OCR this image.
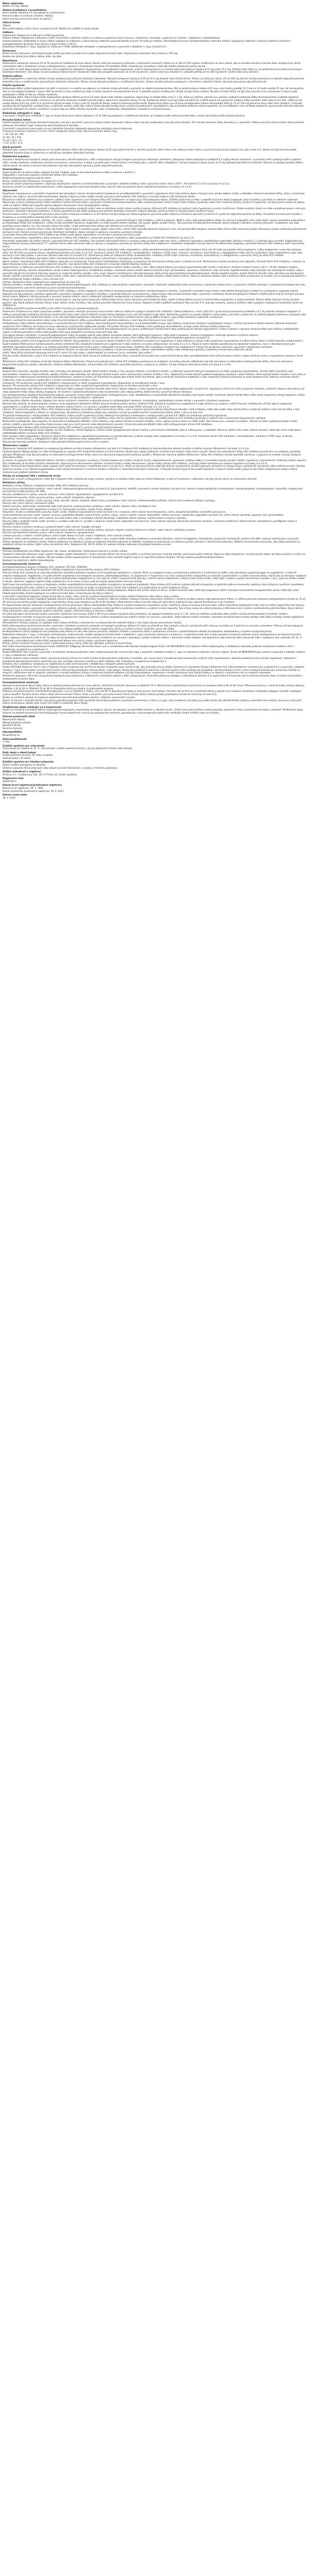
Název přípravku
Kaloten 25 mg, tablety
Složení kvalitativní a kvantitativní
Jedna tableta obsahuje 25 mg kaptoprilu (captoprilum).
Pomocná látka se známým účinkem: laktóza.
Úplný seznam pomocných látek viz bod 6.1.
Léková forma
Tableta.
Bílé kulaté tablety s půlicí rýhou na jedné straně. Tabletu lze rozdělit na stejné dávky.
Indikace
Hypertenze: Kaptopril je indikován k léčbě hypertenze.
Srdeční selhání: Kaptopril je indikován k léčbě chronického srdečního selhání se sníženou systolickou funkcí komory v kombinaci s diuretiky, a pokud je to vhodné, s digitalisem a betablokátory.
Infarkt myokardu: krátkodobá (4 týdny) léčba: kaptopril je indikován u všech klinicky stabilních pacientů během prvních 24 hodin po infarktu. Dlouhodobá prevence symptomatického srdečního selhání: kaptopril je indikován u klinicky stabilních pacientů s asymptomatickou dysfunkcí levé komory (ejekční frakce ≤ 40 %).
Diabetická nefropatie 1. typu: Kaptopril je indikován k léčbě diabetické nefropatie s makroproteinurií u pacientů s diabetem 1. typu (viz bod 5.1).
Dávkování
Dávka má být stanovena individuálně podle profilu pacienta (viz bod 4.4) a podle odpovědi krevního tlaku. Doporučená maximální denní dávka je 150 mg.
Kaloten lze užívat před jídlem, během jídla i po jídle.
Hypertenze
Doporučená zahajovací dávka je 25 až 50 mg denně rozdělená do dvou dávek. Dávka může být postupně zvyšována v intervalech nejméně 2 týdnů až na 100 až 150 mg/den rozdělených do dvou dávek, aby se dosáhlo cílového krevního tlaku. Kaptopril lze užívat samostatně nebo v kombinaci s jinými antihypertenzivy, zejména s thiazidovými diuretiky. Při souběžné léčbě s thiazidovým diuretikem může být vhodné dávkování jednou denně.
U pacientů se silně aktivovaným systémem renin-angiotenzin-aldosteron (hypovolemie, renovaskulární hypertenze, srdeční dekompenzace) je vhodné začít jednorázovou dávkou 6,25 mg nebo 12,5 mg. Zahájení této léčby se má přednostně provádět pod pečlivým lékařským dohledem. Tyto dávky se poté podávají dvakrát denně. Dávkování může být postupně zvyšováno až na 50 mg denně v jedné nebo dvou dávkách a v případě potřeby až na 100 mg denně v jedné nebo dvou dávkách.
Srdeční selhání
Léčba kaptoprilem u srdečního selhání má být zahájena pod pečlivým lékařským dohledem. Obvyklá zahajovací dávka je 6,25 až 12,5 mg dvakrát nebo třikrát denně. Titrace na udržovací dávku (75 až 150 mg denně) má být provedena na základě odpovědi pacienta, klinického stavu a snášenlivosti, pod pečlivým lékařským dohledem. Dávka má být obvykle podávána v rozdělených dávkách. Dávka má být zvyšována postupně v intervalech nejméně 2 týdnů, aby byla posouzena odpověď pacienta.
Infarkt myokardu
Krátkodobá léčba: Léčba kaptoprilem má začít v nemocnici co nejdříve po objevení se známek a/nebo příznaků u pacientů se stabilní hemodynamikou. Má se podat testovací dávka 6,25 mg, o dvě hodiny později 12,5 mg a o 12 hodin později 25 mg. Od následujícího dne se má kaptopril podávat v dávce 100 mg denně ve dvou dávkách po dobu 4 týdnů, pokud to hemodynamika dovolí. V případě výskytu nežádoucích účinků má být dávka snížena. Na konci 4 týdnů léčby má být stav pacienta znovu zhodnocen a teprve poté rozhodnuto o léčbě ve fázi po infarktu myokardu.
Dlouhodobá léčba: Pokud nebyla léčba kaptoprilem zahájena během prvních 24 hodin akutní fáze infarktu myokardu, doporučuje se zahájit léčbu mezi 3. a 16. dnem po infarktu, jakmile jsou splněny nezbytné podmínky léčby (hemodynamika a jakékoli zbytkové ischemie). Léčba se má zahájit v nemocnici za přísného sledování (zvláště krevního tlaku), dokud není dosaženo dávky 75 mg. Zahajovací dávka musí být nízká (viz bod 4.4), zvláště pokud má pacient při zahájení léčby normální nebo nízký krevní tlak. Léčba se má zahájit dávkou 6,25 mg, poté 12,5 mg třikrát denně po dobu 2 dnů a poté 25 mg třikrát denně, pokud to hemodynamika dovolí. Doporučená dávka pro účinnou kardioprotekci během dlouhodobé léčby je 75 až 150 mg denně ve dvou nebo třech dávkách. V případě symptomatické hypotenze, podobně jako u srdečního selhání, může být snížena dávka diuretik a/nebo jiných současně podávaných vazodilatancií, aby se dosáhlo udržovací dávky kaptoprilu. Je-li to nezbytné, musí se dávka kaptoprilu upravit podle klinické odpovědi pacienta. Kaptopril lze užívat v kombinaci s jinými léky pro léčbu infarktu myokardu, např. trombolytiky, betablokátory a kyselinou acetylsalicylovou.
Diabetická nefropatie 1. typu
U pacientů s diabetickou nefropatií 1. typu je doporučená denní dávka kaptoprilu 75 až 100 mg podávaná v rozdělených dávkách. Je-li žádoucí další snížení krevního tlaku, mohou být přidána další antihypertenziva.
Porucha funkce ledvin
Protože kaptopril je vylučován převážně ledvinami, má být u pacientů s poruchou funkce ledvin dávkování sníženo nebo mají být prodlouženy intervaly mezi dávkami. Při nutnosti současné léčby diuretiky se u pacientů s těžkou poruchou funkce ledvin dává přednost kličkovým diuretikům (např. furosemid) před thiazidovými diuretiky.
U pacientů s poruchou funkce ledvin se pro zabránění kumulaci kaptoprilu doporučuje následující denní dávkování:
Clearance kreatininu (ml/min/1,73 m2) / Denní zahajovací dávka (mg) / Denní maximální dávka (mg)
> 40 / 25–50 / 150
21–40 / 25 / 100
10–20 / 12,5 / 75
< 10 / 6,25 / 37,5
Starší pacienti
Podobně jako u jiných antihypertenziv se má zvážit zahájení léčby nižší zahajovací dávkou (6,25 mg dvakrát denně) u starších pacientů, kteří mohou mít sníženou funkci ledvin a poruchu funkce jiných orgánů (viz výše a bod 4.4). Dávka má být titrována podle odpovědi krevního tlaku a udržována co nejnižší pro dosažení adekvátní kontroly.
Pediatrická populace
Účinnost a bezpečnost kaptoprilu nebyla plně stanovena. Použití kaptoprilu u dětí a dospívajících má být zahájeno pod přísným lékařským dohledem. Zahajovací dávka kaptoprilu je přibližně 0,3 mg/kg tělesné hmotnosti. U pacientů, kteří vyžadují zvláštní opatření (děti s renální dysfunkcí, předčasně narození novorozenci, novorozenci a kojenci, protože jejich renální funkce není stejná jako u starších dětí a dospělých), má být zahajovací dávka pouze 0,15 mg kaptoprilu/kg tělesné hmotnosti. Obecně se kaptopril podává dětem třikrát denně, ale dávka a interval mezi dávkami mají být individuálně upraveny podle odpovědi pacienta.
Kontraindikace
Hypersenzitivita na léčivou látku, jakýkoli jiný ACE inhibitor nebo na kteroukoli pomocnou látku uvedenou v bodě 6.1.
Angioedém v anamnéze spojený s předchozí léčbou ACE inhibitory.
Dědičný/idiopatický angioneurotický edém.
Druhý a třetí trimestr těhotenství (viz body 4.4 a 4.6).
Současné užívání přípravku Kaloten s přípravky obsahujícími aliskiren je kontraindikováno u pacientů s diabetes mellitus nebo s poruchou funkce ledvin (GFR < 60 ml/min/1,73 m2) (viz body 4.5 a 5.1).
Současné užívání se sakubitrilem/valsartanem. Léčba kaptoprilem nesmí být zahájena dříve než 36 hodin po poslední dávce sakubitrilu/valsartanu (viz body 4.4 a 4.5).
Upozornění
Hypotenze: Hypotenze je u pacientů s hypertenzí bez komplikací vzácná. Symptomatická hypotenze je pravděpodobnější u pacientů s hypertenzí, kteří mají snížený objem cirkulující krve a/nebo depleci sodíku v důsledku intenzivní diuretické léčby, diety s omezeným příjmem soli, průjmu, zvracení nebo hemodialýzy. Deplece objemu a/nebo sodíku má být upravena před podáním ACE inhibitoru a má být zvážena nižší zahajovací dávka.
Pacienti se srdečním selháním jsou vystaveni vyššímu riziku hypotenze a při zahájení léčby ACE inhibitorem se doporučuje nižší zahajovací dávka. Zvláštní opatrnosti je třeba v případě zvyšování dávky kaptoprilu nebo diuretika u pacientů se srdečním selháním.
Stejně jako u jiných antihypertenziv může nadměrné snížení krevního tlaku u pacientů s ischemickou kardiovaskulární nebo cerebrovaskulární nemocí zvýšit riziko infarktu myokardu nebo cévní mozkové příhody. Vznikne-li hypotenze, má být pacient uložen do polohy vleže na zádech. Může být nezbytná úprava objemu intravenózní infuzí fyziologického roztoku.
Renovaskulární hypertenze: U pacientů s oboustrannou stenózou renálních arterií nebo se stenózou renální arterie solitární ledviny léčených ACE inhibitory je zvýšené riziko hypotenze a renální insuficience. Ztráta renálních funkcí se může vyskytnout pouze s mírnými změnami v hladinách sérového kreatininu. U těchto pacientů má být léčba zahájena pod přísným lékařským dohledem nízkými dávkami, pečlivou titrací a monitorováním renálních funkcí.
Porucha funkce ledvin: V případech poruchy funkce ledvin (clearance kreatininu ≤ 40 ml/min) má být zahajovací dávka kaptoprilu upravena podle clearance kreatininu pacienta (viz bod 4.2) a poté dle odpovědi pacienta na léčbu. Pravidelné monitorování draslíku a kreatininu je součástí běžné lékařské péče o tyto pacienty.
Angioedém: Angioedém končetin, obličeje, rtů, sliznic, jazyka, glottis nebo hrtanu se může objevit u pacientů léčených ACE inhibitory, včetně kaptoprilu. Může k němu dojít kdykoli během léčby. Ve vzácných případech však může dojít k rozvoji závažného angioedému po dlouhodobé léčbě ACE inhibitorem. Léčba má být okamžitě ukončena. Angioedém se může projevit otokem obličeje, rtů, jazyka, glottis a/nebo hrtanu. Tyto pacienty je třeba pečlivě sledovat, dokud nedojde k úplnému vymizení příznaků. V případech, kdy otok postihuje pouze obličej a rty, stav obvykle odezní bez léčby, i když antihistaminika mohou být užitečná pro zmírnění příznaků.
Angioedém spojený s otokem hrtanu může být fatální. Pokud dojde k postižení jazyka, glottis nebo hrtanu, které může způsobit obstrukci dýchacích cest, má být okamžitě zahájena vhodná léčba, která může zahrnovat podání adrenalinu a/nebo udržování průchodnosti dýchacích cest. Pacient má být pod přísným lékařským dohledem, dokud nedojde k úplnému a trvalému vymizení příznaků.
U pacientů černé pleti léčených ACE inhibitory byl hlášen vyšší výskyt angioedému ve srovnání s pacienty jiné barvy pleti.
Pacienti s anamnézou angioedému, který nesouvisel s léčbou ACE inhibitory, mohou být vystaveni zvýšenému riziku angioedému při léčbě ACE inhibitorem (viz bod 4.3).
Intestinální angioedém byl hlášen vzácně u pacientů léčených ACE inhibitory. Tito pacienti měli bolesti břicha (s nauzeou nebo zvracením nebo bez nich); v některých případech nepředcházel angioedém obličeje a hladiny C-1 esterázy byly normální. Angioedém byl diagnostikován postupy zahrnujícími CT vyšetření břicha nebo ultrazvuk nebo při operaci a symptomy vymizely po ukončení léčby ACE inhibitorem. Intestinální angioedém má být zahrnut do diferenciální diagnózy u pacientů léčených ACE inhibitory, kteří mají bolesti břicha.
Současné užívání ACE inhibitorů se sakubitrilem/valsartanem je kontraindikováno z důvodu zvýšeného rizika angioedému. Léčba sakubitrilem/valsartanem nesmí být zahájena dříve než 36 hodin po poslední dávce kaptoprilu. Léčba kaptoprilem nesmí být zahájena dříve než 36 hodin po poslední dávce sakubitrilu/valsartanu (viz body 4.3 a 4.5). Současné užívání ACE inhibitorů s racekadotrilem, inhibitory mTOR (např. sirolimus, everolimus, temsirolimus) a vildagliptinem může vést ke zvýšenému riziku angioedému (např. otok dýchacích cest nebo jazyka, s poruchou dýchání nebo bez ní) (viz bod 4.5). Opatrnosti je třeba při zahajování léčby racekadotrilem, inhibitory mTOR (např. sirolimus, everolimus, temsirolimus) a vildagliptinem u pacienta, který již užívá ACE inhibitor.
Kašel: Při léčbě ACE inhibitory byl hlášen kašel. Charakteristicky je kašel neproduktivní, přetrvávající a ustupuje po ukončení léčby.
Jaterní selhání: Vzácně byla léčba ACE inhibitory spojována se syndromem, který začíná cholestatickou žloutenkou a progreduje do fulminantní nekrózy jater a (někdy) ke smrti. Mechanismus tohoto syndromu není objasněn. Pacienti léčení ACE inhibitory, u kterých se objeví žloutenka nebo výrazné zvýšení jaterních enzymů, mají ukončit léčbu ACE inhibitorem a mají být náležitě lékařsky sledováni.
Hyperkalemie: U některých pacientů léčených ACE inhibitory, včetně kaptoprilu, bylo pozorováno zvýšení hladiny draslíku v séru. Mezi rizikové faktory pro rozvoj hyperkalemie patří renální insuficience, zhoršení renálních funkcí, věk (> 70 let), diabetes mellitus, interkurentní příhody, zejména dehydratace, akutní srdeční dekompenzace, metabolická acidóza a současné užívání draslík šetřících diuretik (např. spironolakton, eplerenon, triamteren nebo amilorid), doplňků draslíku nebo náhražek soli obsahujících draslík; nebo u pacientů užívajících jiné léčivé přípravky spojené se zvýšením hladiny draslíku v séru (např. heparin, trimethoprim nebo kotrimoxazol, také známý jako trimethoprim/sulfamethoxazol). Užívání doplňků draslíku, draslík šetřících diuretik nebo náhražek soli obsahujících draslík, zvláště u pacientů s poruchou funkce ledvin, může vést k významnému zvýšení draslíku v séru. Hyperkalemie může způsobit závažné, někdy fatální arytmie. Pokud je současné užívání výše uvedených látek považováno za vhodné, má se postupovat opatrně a často kontrolovat hladinu draslíku v séru (viz bod 4.5).
Lithium: Kombinace lithia a kaptoprilu se nedoporučuje (viz bod 4.5).
Stenóza aortální a mitrální chlopně / obstrukční hypertrofická kardiomyopatie: ACE inhibitory se mají používat s opatrností u pacientů s obstrukcí výtokového traktu levé komory a obstrukcí odtoku krve a u pacientů s mitrální stenózou. V případech kardiogenního šoku a hemodynamicky významné obstrukce je jejich použití kontraindikováno.
Neutropenie/agranulocytóza: U pacientů léčených ACE inhibitory, včetně kaptoprilu, byla hlášena neutropenie/agranulocytóza, trombocytopenie a anemie. U pacientů s normální funkcí ledvin a bez dalších komplikujících faktorů se neutropenie vyskytuje vzácně. Kaptopril má být používán s extrémní opatrností u pacientů s kolagenní vaskulární chorobou, u pacientů léčených imunosupresivy, alopurinolem nebo prokainamidem nebo u pacientů s kombinací těchto komplikujících faktorů, zvláště pokud mají již existující poruchu funkce ledvin. Některé z těchto pacientů si vyvinuly závažné infekce, které v některých případech neodpovídaly na intenzivní antibiotickou léčbu.
Pokud se kaptopril používá u těchto pacientů, doporučuje se, aby byl počet leukocytů a diferenciální krevní obraz stanoven před zahájením léčby, každé 2 týdny během prvních 3 měsíců léčby kaptoprilem a poté pravidelně. Během léčby mají být všichni pacienti poučeni, aby hlásili jakékoli známky infekce (např. bolest v krku, horečku), kdy má být proveden diferenciální krevní obraz. Kaptopril a další souběžně podávané léky (viz bod 4.5) mají být vysazeny, pokud je zjištěna nebo suspektní neutropenie (neutrofily méně než 1000/mm3).
U většiny pacientů se počet neutrofilů rychle vrátil k normálu po vysazení kaptoprilu.
Proteinurie: Proteinurie se může vyskytnout zvláště u pacientů s existující poruchou funkce ledvin nebo při relativně vysokých dávkách ACE inhibitorů. Celková bílkovina v moči vyšší než 1 g denně byla pozorována přibližně u 0,7 % pacientů užívajících kaptopril. U většiny pacientů byla prokázána předchozí onemocnění ledvin nebo užívali relativně vysoké dávky kaptoprilu (více než 150 mg/den) nebo obojí. Nefrotický syndrom se vyskytl přibližně u jedné pětiny pacientů s proteinurií. Ve většině případů proteinurie ustoupila nebo se zmírnila během šesti měsíců bez ohledu na to, zda byla léčba kaptoprilem ukončena nebo ne. Parametry renálních funkcí, jako je BUN a kreatinin, byly zřídka změněny u pacientů s proteinurií.
Pacienti s existujícím onemocněním ledvin mají mít před zahájením léčby a pravidelně poté vyšetřenu bílkovinu v moči (dip-stick test první ranní moči).
Anafylaktoidní reakce během desenzibilizace: U pacientů léčených ACE inhibitory, kteří podstupovali desenzibilizaci na jed blanokřídlého hmyzu, byly hlášeny trvalé život ohrožující anafylaktoidní reakce. U těchto pacientů se těmto reakcím zabránilo dočasným vysazením ACE inhibitoru, ale reakce se znovu objevily po neúmyslném opětovném podání. Pacientům léčeným ACE inhibitory, kteří podstupují desenzibilizaci, je tedy nutno věnovat zvláštní pozornost.
Anafylaktoidní reakce během high-flux dialýzy / expozice aferéze lipoproteinů: U pacientů hemodialyzovaných na vysoce průtokových membránách nebo podstupujících aferézu lipoproteinů s nízkou hustotou s absorpcí dextransulfátu byly hlášeny anafylaktoidní reakce. U těchto pacientů je třeba zvážit použití jiného typu dialyzační membrány nebo jiné třídy léku.
Chirurgický zákrok / anestezie: U pacientů podstupujících velký chirurgický zákrok nebo během anestezie látkami, které způsobují hypotenzi, může dojít k hypotenzi. Vznikne-li hypotenze, může být upravena zvýšením objemu.
Diabetičtí pacienti: U diabetických pacientů léčených perorálními antidiabetiky nebo inzulinem má být v prvním měsíci léčby ACE inhibitorem pečlivě sledována glykemie (viz bod 4.5).
Duální blokáda systému renin-angiotenzin-aldosteron (RAAS): Bylo prokázáno, že současné užívání inhibitorů ACE, blokátorů receptorů pro angiotenzin II nebo aliskirenu zvyšuje riziko hypotenze, hyperkalemie a snížení funkce ledvin (včetně akutního selhání ledvin). Duální blokáda RAAS pomocí kombinovaného užívání inhibitorů ACE, blokátorů receptorů pro angiotenzin II nebo aliskirenu se proto nedoporučuje (viz body 4.5 a 5.1). Pokud je duální blokáda považována za absolutně nezbytnou, má k ní docházet pouze pod dohledem specializovaného lékaře a za častého pečlivého monitorování funkce ledvin, elektrolytů a krevního tlaku. Inhibitory ACE a blokátory receptorů pro angiotenzin II nemají být používány současně u pacientů s diabetickou nefropatií.
Laktóza: Tento přípravek obsahuje monohydrát laktózy. Pacienti se vzácnými dědičnými problémy s intolerancí galaktózy, úplným nedostatkem laktázy nebo malabsorpcí glukózy a galaktózy nemají tento přípravek užívat.
Sodík: Tento léčivý přípravek obsahuje méně než 1 mmol (23 mg) sodíku v jedné tabletě, to znamená, že je v podstatě „bez sodíku“.
Etnické rozdíly: Stejně jako u jiných ACE inhibitorů je kaptopril zřejmě méně účinný při snižování krevního tlaku u pacientů černé pleti než u pacientů jiné barvy pleti, pravděpodobně kvůli vyšší prevalenci stavů s nízkou hladinou reninu u hypertenzní populace černé pleti.
Těhotenství: Léčba ACE inhibitory nemá být zahájena během těhotenství. Pokud není pokračování v léčbě ACE inhibitory považováno za nezbytné, pacientky plánující otěhotnění mají být převedeny na alternativní antihypertenzní léčbu, která má stanovený bezpečnostní profil pro použití v těhotenství. Pokud je zjištěno těhotenství, má být léčba ACE inhibitory okamžitě ukončena, a pokud je to vhodné, má být zahájena alternativní léčba (viz body 4.3 a 4.6).
Interakce
Draslík šetřící diuretika, doplňky draslíku nebo náhražky soli obsahující draslík: Ačkoli hladina draslíku v séru obvykle zůstává v normálních mezích, u některých pacientů léčených kaptoprilem se může vyskytnout hyperkalemie. Draslík šetřící diuretika (např. spironolakton, triamteren nebo amilorid), doplňky draslíku nebo náhražky soli obsahující draslík mohou vést k významnému zvýšení draslíku v séru. Opatrnosti je třeba také při podávání kaptoprilu současně s jinými látkami, které zvyšují hladinu draslíku v séru, jako je trimethoprim a kotrimoxazol (trimethoprim/sulfamethoxazol), protože je známo, že trimethoprim působí jako draslík šetřící diuretikum, jako je amilorid. Kombinace kaptoprilu s výše uvedenými léčivými přípravky se proto nedoporučuje. Pokud je současné užívání indikováno, mají se používat s opatrností a s častým monitorováním draslíku v séru.
Ciklosporin: Při současném užívání ACE inhibitorů s ciklosporinem se může vyskytnout hyperkalemie. Doporučuje se monitorovat draslík v séru.
Heparin: Při současném užívání ACE inhibitorů s heparinem se může vyskytnout hyperkalemie. Doporučuje se monitorovat draslík v séru.
Diuretika (thiazidová nebo kličková diuretika): Předchozí léčba vysokými dávkami diuretik může vést k depleci objemu a riziku hypotenze při zahájení léčby kaptoprilem (viz bod 4.4). Hypotenzní účinky lze snížit vysazením diuretika, zvýšením objemu nebo příjmu soli nebo zahájením léčby nízkou dávkou kaptoprilu. Ve studiích s hydrochlorothiazidem nebo furosemidem však nebyly zjištěny žádné klinicky významné lékové interakce.
Jiná antihypertenziva: Kaptopril byl bezpečně podáván současně s jinými běžně používanými antihypertenzivy (např. betablokátory a dlouhodobě působícími blokátory kalciových kanálů). Současné užívání těchto látek může zvýšit hypotenzní účinky kaptoprilu. Léčba nitroglycerinem a jinými nitráty nebo jinými vazodilatancii má být používána s opatrností.
Léčba akutního infarktu myokardu: Kaptopril lze užívat současně s kyselinou acetylsalicylovou (v kardiologických dávkách), trombolytiky, betablokátory a/nebo nitráty u pacientů s infarktem myokardu.
Klinická data ukázala, že duální blokáda systému renin-angiotenzin-aldosteron (RAAS) pomocí kombinovaného užívání inhibitorů ACE, blokátorů receptorů pro angiotenzin II nebo aliskirenu je spojena s vyšší frekvencí nežádoucích účinků, jako je hypotenze, hyperkalemie a snížená funkce ledvin (včetně akutního selhání ledvin), ve srovnání s použitím jedné látky ovlivňující RAAS (viz body 4.3, 4.4 a 5.1).
Lithium: Při současném podávání lithia s ACE inhibitory bylo hlášeno reverzibilní zvýšení koncentrace lithia v séru a toxicity. Současné užívání thiazidových diuretik s ACE inhibitory může dále zvýšit riziko toxicity lithia a zvýšit již zvýšené riziko toxicity lithia u ACE inhibitorů. Užívání kaptoprilu s lithiem se nedoporučuje, ale pokud se kombinace ukáže jako nezbytná, má být prováděno pečlivé monitorování hladiny lithia v séru (viz bod 4.4).
Tricyklická antidepresiva / antipsychotika: ACE inhibitory mohou zvýšit hypotenzní účinky některých tricyklických antidepresiv a antipsychotik (viz bod 4.4). Může se vyskytnout posturální hypotenze.
Alopurinol, prokainamid, cytostatika nebo imunosupresiva: Současné užívání s ACE inhibitory může vést ke zvýšenému riziku leukopenie, zvláště pokud se ACE inhibitory používají ve vyšších než v současnosti doporučených dávkách.
Nesteroidní antiflogistika: Bylo popsáno, že nesteroidní antiflogistika (NSAID) a ACE inhibitory mají aditivní účinek na zvýšení draslíku v séru, zatímco funkce ledvin se může snížit. Tyto účinky jsou v zásadě reverzibilní. Vzácně se může vyskytnout akutní renální selhání, zvláště u pacientů s poruchou funkce ledvin, jako jsou starší pacienti nebo dehydratovaní pacienti. Chronické podávání NSAID může snížit antihypertenzní účinek ACE inhibitoru.
Sympatomimetika: Mohou snížit antihypertenzní účinky ACE inhibitorů; pacienti mají být pečlivě sledováni.
Antidiabetika: Farmakologické studie ukázaly, že ACE inhibitory, včetně kaptoprilu, mohou zesílit hypoglykemické účinky inzulinu a perorálních antidiabetik, jako je sulfonylurea, u diabetiků. Pokud by došlo k této velmi vzácné interakci, může být nutné snížit dávku antidiabetika během současné léčby ACE inhibitory.
Léky zvyšující riziko angioedému: Současné užívání ACE inhibitorů se sakubitrilem/valsartanem je kontraindikováno, protože zvyšuje riziko angioedému (viz body 4.3 a 4.4). Současné užívání ACE inhibitorů s racekadotrilem, inhibitory mTOR (např. sirolimus, everolimus, temsirolimus) a vildagliptinem může vést ke zvýšenému riziku angioedému (viz bod 4.4).
Klinicko-biochemické vyšetření: Kaptopril může způsobit falešně pozitivní test moči na aceton.
Těhotenství a kojení
Těhotenství: Podávání ACE inhibitorů se nedoporučuje během prvního trimestru těhotenství (viz bod 4.4). Podávání ACE inhibitorů je kontraindikováno během druhého a třetího trimestru těhotenství (viz body 4.3 a 4.4).
Epidemiologické důkazy týkající se rizika teratogenity po expozici ACE inhibitorům během prvního trimestru těhotenství nebyly průkazné; nicméně malé zvýšení rizika nelze vyloučit. Pokud není pokračování léčby ACE inhibitory považováno za nezbytné, pacientky plánující těhotenství mají být převedeny na alternativní antihypertenzní léčbu, která má stanovený bezpečnostní profil pro použití v těhotenství. Pokud je zjištěno těhotenství, léčba ACE inhibitory má být okamžitě ukončena, a pokud je to vhodné, má být zahájena alternativní léčba.
Je známo, že expozice ACE inhibitorům během druhého a třetího trimestru vyvolává u člověka fetotoxicitu (snížení renálních funkcí, oligohydramnion, zpomalení osifikace lebky) a neonatální toxicitu (renální selhání, hypotenze, hyperkalemie). Pokud by došlo k expozici ACE inhibitorům od druhého trimestru těhotenství, doporučuje se ultrazvukové vyšetření renálních funkcí a lebky. Novorozenci, jejichž matky užívaly ACE inhibitory, mají být pečlivě sledováni pro možnou hypotenzi (viz body 4.3 a 4.4).
Kojení: Omezené farmakokinetické údaje ukazují velmi nízké koncentrace v mateřském mléce (viz bod 5.2). Ačkoli se tyto koncentrace zdají být klinicky nevýznamné, použití kaptoprilu při kojení se nedoporučuje u předčasně narozených dětí a během prvních několika týdnů po porodu, a to z důvodu hypotetického rizika kardiovaskulárních a renálních účinků a vzhledem k nedostatku klinických zkušeností. V případě starších kojenců lze použití kaptoprilu u kojících matek zvážit, pokud je tato léčba nezbytná pro matku a dítě je sledováno pro jakékoli nežádoucí účinky.
Účinky na schopnost řídit a obsluhovat stroje
Stejně jako u jiných antihypertenziv může být schopnost řídit a obsluhovat stroje snížena, zejména na začátku léčby nebo při změně dávkování, a také při kombinaci s alkoholem, ale tyto účinky závisí na individuální citlivosti.
Nežádoucí účinky
Nežádoucí účinky hlášené u kaptoprilu a/nebo léčby ACE inhibitory zahrnují:
Poruchy krve a lymfatického systému: velmi vzácné: neutropenie/agranulocytóza (viz bod 4.4), pancytopenie, zvláště u pacientů s renální dysfunkcí (viz bod 4.4), anemie (včetně aplastické a hemolytické), trombocytopenie, lymfadenopatie, eozinofilie, autoimunitní onemocnění a/nebo pozitivní titr ANA.
Poruchy metabolismu a výživy: vzácné: anorexie; velmi vzácné: hyperkalemie, hypoglykemie (viz bod 4.4).
Psychiatrické poruchy: časté: poruchy spánku; velmi vzácné: zmatenost, deprese.
Poruchy nervového systému: časté: poruchy chuti, závratě; vzácné: ospalost, bolest hlavy a parestezie; velmi vzácné: cerebrovaskulární příhody, včetně cévní mozkové příhody a synkopy.
Poruchy oka: velmi vzácné: rozmazané vidění.
Srdeční poruchy: méně časté: tachykardie nebo tachyarytmie, angina pectoris, palpitace; velmi vzácné: zástava srdce, kardiogenní šok.
Cévní poruchy: méně časté: hypotenze (viz bod 4.4), Raynaudův syndrom, návaly horka, bledost.
Respirační, hrudní a mediastinální poruchy: časté: suchý, dráždivý (neproduktivní) kašel (viz bod 4.4) a dyspnoe; velmi vzácné: bronchospasmus, rýma, alergická alveolitida / eozinofilní pneumonie.
Gastrointestinální poruchy: časté: nauzea, zvracení, podráždění žaludku, bolest břicha, průjem, zácpa, sucho v ústech; vzácné: stomatitida / aftózní ulcerace, intestinální angioedém (viz bod 4.4); velmi vzácné: glositida, peptický vřed, pankreatitida.
Poruchy jater a žlučových cest: velmi vzácné: porucha funkce jater a cholestáza (včetně žloutenky), hepatitida včetně nekrózy, zvýšené jaterní enzymy a bilirubin.
Poruchy kůže a podkožní tkáně: časté: pruritus s vyrážkou nebo bez ní, vyrážka a alopecie; méně časté: angioedém (viz bod 4.4); velmi vzácné: kopřivka, Stevensův-Johnsonův syndrom, erythema multiforme, fotosenzitivita, erytrodermie, pemfigoidní reakce a exfoliativní dermatitida.
Poruchy svalové a kosterní soustavy a pojivové tkáně: velmi vzácné: myalgie, artralgie.
Poruchy ledvin a močových cest: vzácné: porucha funkce ledvin včetně renálního selhání, polyurie, oligurie, zvýšená frekvence močení; velmi vzácné: nefrotický syndrom.
Poruchy reprodukčního systému a prsu: velmi vzácné: impotence, gynekomastie.
Celkové poruchy a reakce v místě aplikace: méně časté: bolest na hrudi, únava, malátnost; velmi vzácné: horečka.
Vyšetření: velmi vzácné: proteinurie, eozinofilie, zvýšení draslíku v séru, snížení sodíku v séru, zvýšení BUN, sérového kreatininu a sérového bilirubinu, snížení hemoglobinu, hematokritu, leukocytů, trombocytů, pozitivní titr ANA, zvýšená sedimentace erytrocytů.
Hlášení podezření na nežádoucí účinky: Hlášení podezření na nežádoucí účinky po registraci léčivého přípravku je důležité. Umožňuje to pokračovat ve sledování poměru přínosů a rizik léčivého přípravku. Žádáme zdravotnické pracovníky, aby hlásili podezření na nežádoucí účinky na adresu: Státní ústav pro kontrolu léčiv, Šrobárova 48, 100 41 Praha 10, webové stránky: www.sukl.cz/nahlasit-nezadouci-ucinek.
Předávkování
Příznaky předávkování jsou těžká hypotenze, šok, stupor, bradykardie, elektrolytová porucha a renální selhání.
Opatření k zabránění absorpce (např. výplach žaludku, podání adsorbentů a síranu sodného během 30 minut po požití) a urychlení eliminace mají být použita, pokud bylo požití nedávné. Pokud se objeví hypotenze, má být pacient uložen do šokové polohy a rychle mu má být podána náhrada solí a objemu. Má být zvážena léčba angiotenzinem II. Bradykardie nebo rozsáhlé vagové reakce se mají léčit podáním atropinu. Má být zváženo použití kardiostimulátoru.
Kaptopril lze odstranit z oběhu hemodialýzou.
Farmakodynamické vlastnosti
Farmakoterapeutická skupina: Inhibitory ACE, samotné, ATC kód: C09AA01.
Kaptopril je vysoce specifický kompetitivní inhibitor angiotenzin-I-konvertujícího enzymu (ACE inhibitor).
Příznivé účinky ACE inhibitorů se zdají být především výsledkem potlačení systému renin-angiotenzin-aldosteron v plazmě. Renin je endogenní enzym syntetizovaný ledvinami a uvolňovaný do oběhu, kde přeměňuje angiotenzinogen na angiotenzin I, relativně neaktivní dekapeptid. Angiotenzin I se poté přemění angiotenzin konvertujícím enzymem, peptidyldipeptidázou, na angiotenzin II. Angiotenzin II je silný vazokonstriktor zodpovědný za arteriální vazokonstrikci a zvýšení krevního tlaku, stejně jako za stimulaci nadledvin k sekreci aldosteronu. Inhibice ACE vede ke snížení plazmatického angiotenzinu II, což vede ke snížení vazopresorické aktivity a snížení sekrece aldosteronu. Ačkoli je toto snížení malé, může dojít k malému zvýšení koncentrace draslíku v séru, spolu se ztrátou sodíku a tekutin. Ukončení negativní zpětné vazby angiotenzinu II na sekreci reninu vede ke zvýšení plazmatické reninové aktivity.
Další funkcí konvertujícího enzymu je degradace silného vazodilatačního kininového peptidu bradykininu na neaktivní metabolity. Proto inhibice ACE vede ke zvýšené aktivitě cirkulujícího a lokálního kalikrein-kininového systému, který přispívá k periferní vazodilataci aktivací prostaglandinového systému; je možné, že tento mechanismus se podílí na hypotenzním účinku ACE inhibitorů a je zodpovědný za určité nežádoucí účinky.
Snížení krevního tlaku je obvykle maximální 60 až 90 minut po perorálním podání jednotlivé dávky kaptoprilu. Doba trvání účinku závisí na dávce. Snížení krevního tlaku může být progresivní, takže k dosažení maximálního terapeutického účinku může být nutné několik týdnů léčby. Účinek kaptoprilu na snížení krevního tlaku a thiazidových diuretik je aditivní.
U pacientů s hypertenzí kaptopril snižuje krevní tlak ve stoje i vleže, aniž by vyvolával kompenzatorní zvýšení srdeční frekvence nebo retenci vody a sodíku.
V hemodynamických studiích kaptopril způsobil výrazné snížení periferní arteriální rezistence. Obecně nedošlo k žádným klinicky relevantním změnám v renálním průtoku plazmy nebo glomerulární filtraci. U většiny pacientů nastoupil antihypertenzní účinek asi 15 až 30 minut po perorálním podání kaptoprilu; maximálního účinku bylo dosaženo po 60 až 90 minutách. Maximálního snížení krevního tlaku při dané dávce kaptoprilu bylo obecně dosaženo po 3 až 4 týdnech.
Při doporučeném denním dávkování antihypertenzní účinek přetrvává i během dlouhodobé léčby. Dočasné vysazení kaptoprilu nevyvolává rychlý, nadměrný rebound vzestup krevního tlaku. Léčba hypertenze kaptoprilem také vede ke snížení hypertrofie levé komory.
Hemodynamické studie u pacientů se srdečním selháním ukázaly, že kaptopril vyvolává snížení periferní systémové rezistence a zvýšení venózní kapacity. Tyto účinky vedou ke snížení preloadu a afterloadu srdce (snížení ventrikulárního plnicího tlaku). Navíc během léčby kaptoprilem bylo pozorováno zvýšení srdečního výdeje, srdečního indexu a tolerance zátěže.
Ve velké placebem kontrolované studii u pacientů s dysfunkcí levé komory (LVEF ≤ 40 %) po infarktu myokardu bylo prokázáno, že kaptopril (zahájený mezi 3. a 16. dnem po infarktu) prodlužuje dobu přežití a snižuje kardiovaskulární mortalitu. Snížení kardiovaskulární mortality se projevilo jako oddálení progresivního srdečního selhání a snížení hospitalizací pro srdeční selhání ve srovnání s placebem. Došlo také ke snížení reinfarktu, koronární revaskularizace a/nebo potřeby další léčby diuretiky a/nebo digitalisem nebo zvýšení jejich dávky ve srovnání s placebem.
Retrospektivní analýza ukázala, že kaptopril snížil výskyt reinfarktu a koronárních revaskularizačních zákroků (žádný z nich nebyl cílovým parametrem studie).
Další velká placebem kontrolovaná studie u pacientů s infarktem myokardu prokázala, že kaptopril (podávaný během 24 hodin po příhodě po dobu jednoho měsíce) významně snížil celkovou mortalitu po 5 týdnech ve srovnání s placebem. Příznivý účinek kaptoprilu na celkovou mortalitu byl pozorován i po jednom roce. Nebyla zjištěna žádná známka negativního účinku ve vztahu k časné mortalitě v první den léčby.
Kardioprotektivní účinky kaptoprilu jsou prokázány bez ohledu na věk nebo pohlaví pacienta, lokalizaci infarktu a současnou léčbu s prokázanou účinností v postinfarktovém období (trombolytika, betablokátory a kyselina acetylsalicylová).
Diabetická nefropatie 1. typu: V placebem kontrolované, multicentrické, dvojitě zaslepené klinické studii u diabetiků 1. typu (inzulinově závislých) s proteinurií, s hypertenzí nebo bez ní (bylo povoleno současné podávání jiných antihypertenziv ke kontrole krevního tlaku), kaptopril významně snížil (o 51 %) dobu do zdvojnásobení výchozí koncentrace kreatininu ve srovnání s placebem; výskyt renálního selhání v konečném stadiu (dialýza, transplantace) nebo úmrtí byl také významně nižší u kaptoprilu než u placeba (51 %). U diabetiků s mikroalbuminurií vedla léčba kaptoprilem během dvou let ke snížení vylučování albuminu.
Účinky udržení renálních funkcí jsou navíc k jakémukoli přínosu, který může být způsoben snížením krevního tlaku.
Dvě velké randomizované kontrolované studie (ONTARGET [ONgoing Telmisartan Alone and in combination with Ramipril Global Endpoint Trial] a VA NEPHRON-D [The Veterans Affairs Nephropathy in Diabetes]) hodnotily podávání kombinace inhibitoru ACE s blokátorem receptorů pro angiotenzin II.
Studie ONTARGET byla vedena u pacientů s anamnézou kardiovaskulárního nebo cerebrovaskulárního onemocnění nebo u pacientů s diabetes mellitus 2. typu se známkami poškození cílových orgánů. Studie VA NEPHRON-D byla vedena u pacientů s diabetes mellitus 2. typu a diabetickou nefropatií.
V těchto studiích nebyl prokázán žádný významně příznivý účinek na renální a/nebo kardiovaskulární endpointy a mortalitu, ale v porovnání s monoterapií bylo pozorováno zvýšené riziko hyperkalemie, akutního poškození ledvin a/nebo hypotenze. Vzhledem k podobnosti farmakodynamických vlastností jsou tyto výsledky relevantní rovněž pro další inhibitory ACE a blokátory receptorů pro angiotenzin II.
Inhibitory ACE a blokátory receptorů pro angiotenzin II proto nesmí pacienti s diabetickou nefropatií užívat současně.
Studie ALTITUDE (Aliskiren Trial in Type 2 Diabetes Using Cardiovascular and Renal Disease Endpoints) byla navržena tak, aby hodnotila přínos přidání aliskirenu ke standardní terapii inhibitorem ACE nebo blokátorem receptorů pro angiotenzin II u pacientů s diabetes mellitus 2. typu a chronickým onemocněním ledvin nebo kardiovaskulárním onemocněním, nebo obojím. Studie byla předčasně ukončena z důvodu zvýšení rizika nežádoucích komplikací. Kardiovaskulární úmrtí a cévní mozkové příhody byly numericky častější ve skupině s aliskirenem než ve skupině s placebem a rovněž nežádoucí účinky a sledované závažné nežádoucí účinky (hyperkalemie, hypotenze a renální dysfunkce) byly častěji hlášeny ve skupině s aliskirenem než ve skupině s placebem.
Pediatrická populace: Účinnost a bezpečnost kaptoprilu byly hodnoceny v literárních a klinických údajích u dětí a dospívajících. Perorálně podávaný kaptopril v jednotlivých dávkách 0,3 mg/kg tělesné hmotnosti vedl ke kontrole krevního tlaku a snížení systolického i diastolického krevního tlaku.
Farmakokinetické vlastnosti
Kaptopril je perorálně aktivní látka, která nevyžaduje biotransformaci pro svou aktivitu. Průměrná minimální absorpce je přibližně 75 %. Maximálních plazmatických koncentrací je dosaženo během 60 až 90 minut. Přítomnost potravy v trávicím traktu snižuje absorpci přibližně o 30 až 40 %. Přibližně 25 až 30 % cirkulujícího léčiva je vázáno na plazmatické proteiny.
Zdánlivý eliminační poločas nezměněného kaptoprilu v krvi je přibližně 2 hodiny. Více než 95 % absorbované dávky je eliminováno močí během 24 hodin; 40 až 50 % je nezměněné léčivo a zbytek tvoří neaktivní disulfidové metabolity (kaptopril disulfid a kaptopril-cystein disulfid). Porucha funkce ledvin může vést ke kumulaci léčiva. Proto u pacientů s poruchou funkce ledvin má být dávka snížena a/nebo prodlouženy dávkovací intervaly (viz bod 4.2).
Studie na zvířatech ukazují, že kaptopril nepřechází přes hematoencefalickou bariéru v žádném významném rozsahu.
Kojení: Ve zprávě o dvanácti ženách užívajících perorálně kaptopril 100 mg třikrát denně byla průměrná maximální koncentrace v mléce 4,7 µg/l a byla dosažena 3,8 hodiny po podání dávky. Na základě těchto údajů by maximální denní dávka, kterou by mohl plně kojený novorozenec dostat, byla menší než 0,002 % mateřské denní dávky.
Předklinické údaje vztahující se k bezpečnosti
Studie na zvířatech provedené během organogeneze kaptoprilu neprokázaly teratogenní účinek, ale kaptopril vyvolal fetální toxicitu u několika druhů, včetně úmrtí plodu během pozdní gravidity, zpomalení růstu a postnatální mortality u potkanů. Předklinické údaje získané na základě konvenčních farmakologických studií bezpečnosti, toxicity po opakovaném podávání, genotoxicity a kancerogenního potenciálu neodhalily žádné zvláštní riziko pro člověka.
Seznam pomocných látek
Monohydrát laktózy
Mikrokrystalická celulóza
Kukuřičný škrob
Kyselina stearová
Inkompatibility
Neuplatňuje se.
Doba použitelnosti
3 roky
Zvláštní opatření pro uchovávání
Uchovávejte při teplotě do 25 °C. Uchovávejte v dobře uzavřené lahvičce, aby byl přípravek chráněn před vlhkostí.
Druh obalu a obsah balení
Hnědá skleněná lahvička, PE víčko, krabička.
Velikost balení: 30 tablet.
Zvláštní opatření pro likvidaci přípravku
Žádné zvláštní požadavky na likvidaci.
Veškerý nepoužitý léčivý přípravek nebo odpad musí být zlikvidován v souladu s místními požadavky.
Držitel rozhodnutí o registraci
Zentiva, k.s., U kabelovny 130, 102 37 Praha 10, Česká republika
Registrační číslo
58/047/92-C
Datum první registrace/prodloužení registrace
Datum první registrace: 29. 1. 1992
Datum posledního prodloužení registrace: 20. 4. 2011
Datum revize textu
28. 4. 2022
